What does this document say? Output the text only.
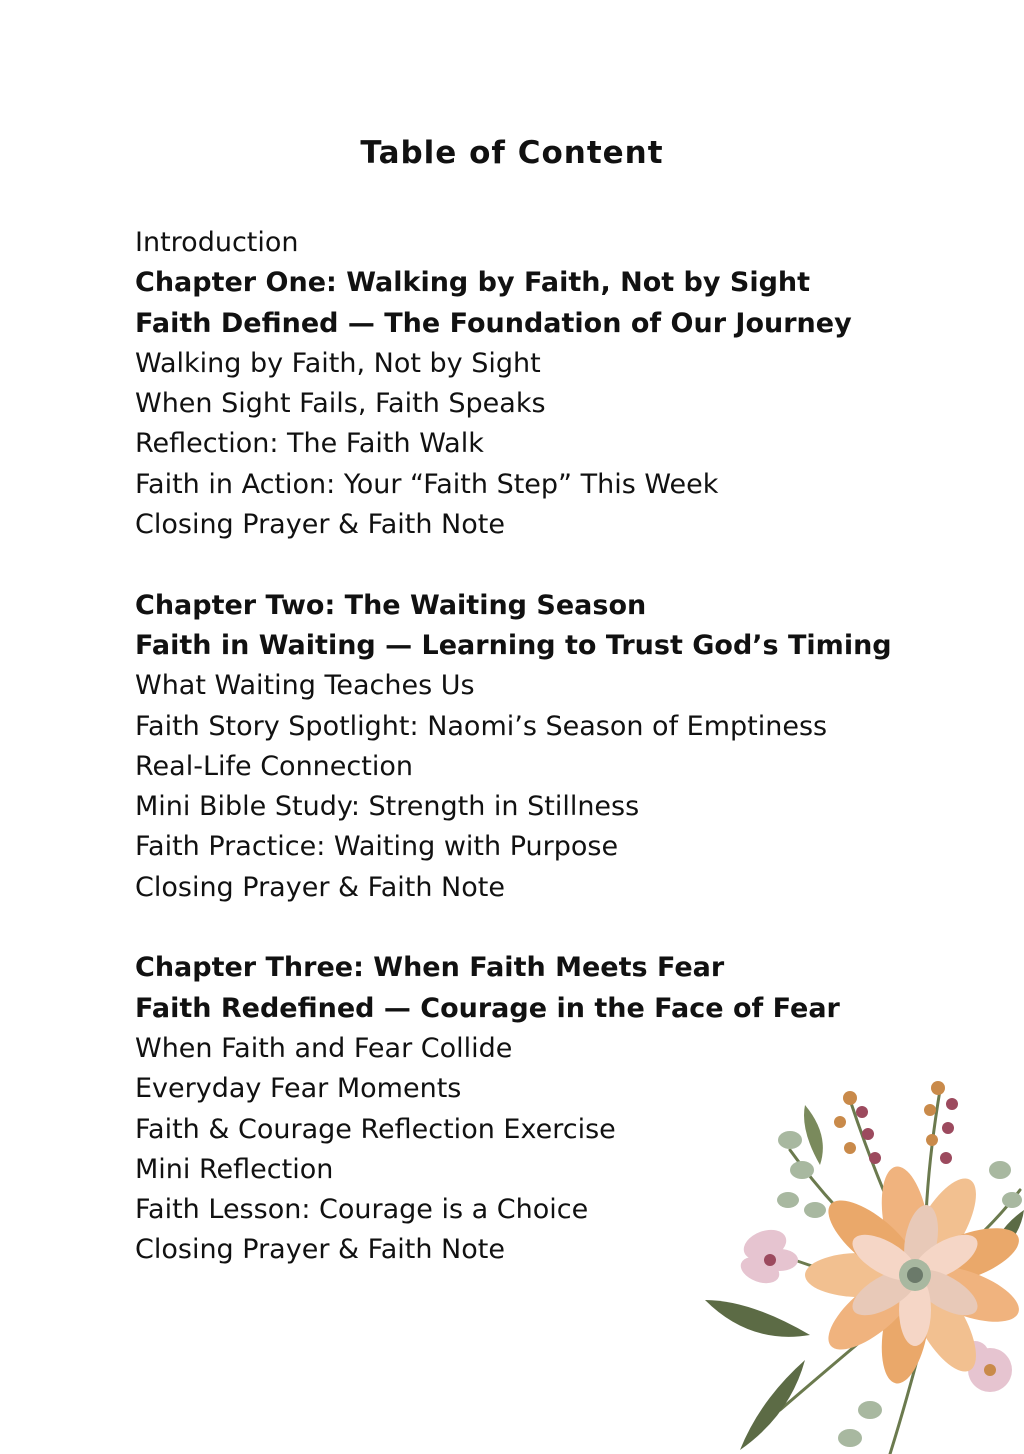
Table of Content
Introduction
Chapter One: Walking by Faith, Not by Sight
Faith Defined — The Foundation of Our Journey
Walking by Faith, Not by Sight
When Sight Fails, Faith Speaks
Reflection: The Faith Walk
Faith in Action: Your “Faith Step” This Week
Closing Prayer & Faith Note
Chapter Two: The Waiting Season
Faith in Waiting — Learning to Trust God’s Timing
What Waiting Teaches Us
Faith Story Spotlight: Naomi’s Season of Emptiness
Real-Life Connection
Mini Bible Study: Strength in Stillness
Faith Practice: Waiting with Purpose
Closing Prayer & Faith Note
Chapter Three: When Faith Meets Fear
Faith Redefined — Courage in the Face of Fear
When Faith and Fear Collide
Everyday Fear Moments
Faith & Courage Reflection Exercise
Mini Reflection
Faith Lesson: Courage is a Choice
Closing Prayer & Faith Note
